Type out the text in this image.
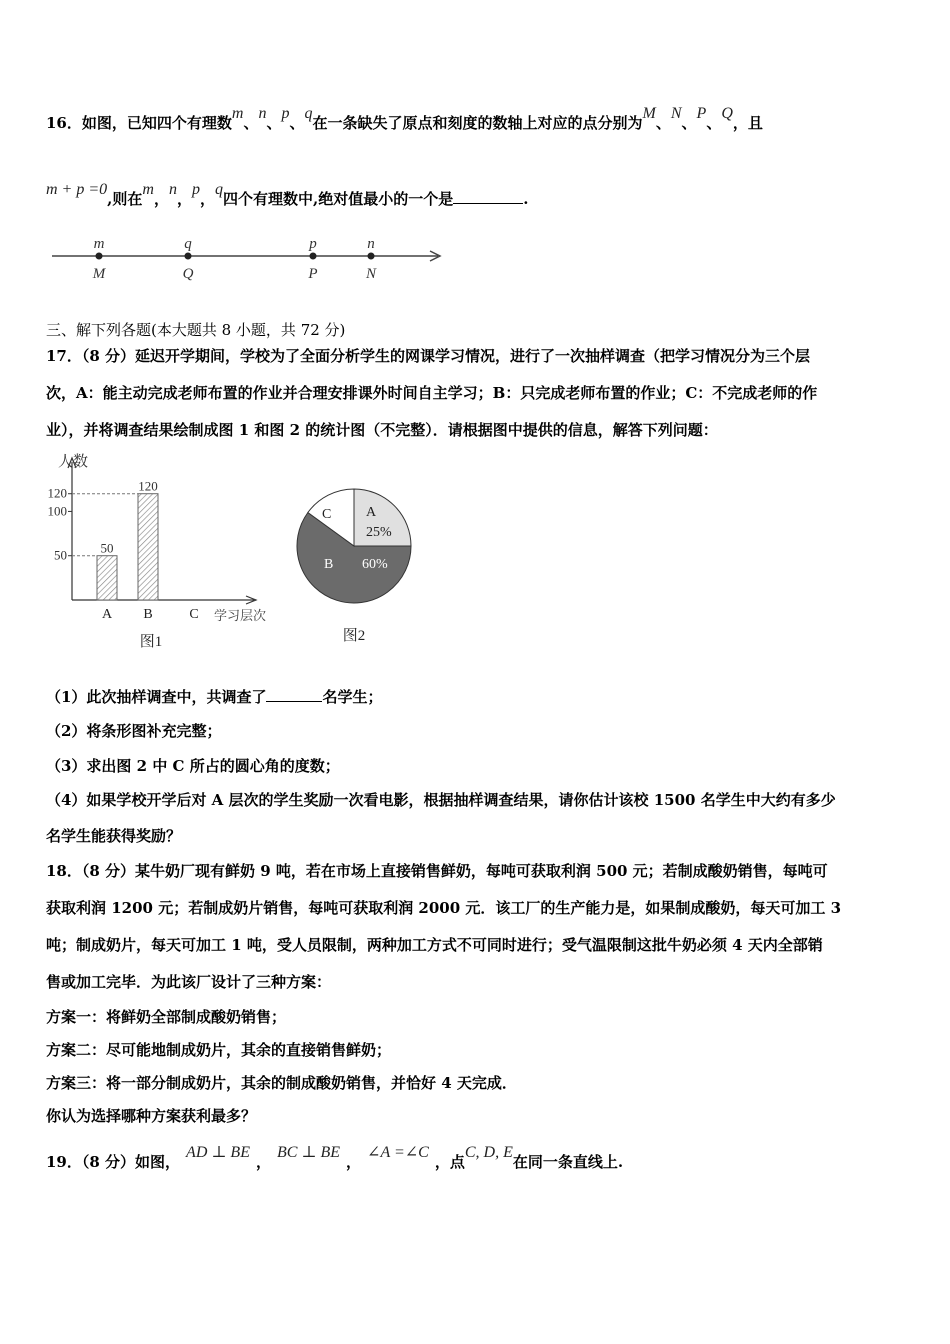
16．如图，已知四个有理数m、n、p、q在一条缺失了原点和刻度的数轴上对应的点分别为M、N、P、Q，且
m + p =0,则在m，n，p，q四个有理数中,绝对值最小的一个是	.
m
M
q
Q
p
P
n
N
三、解下列各题(本大题共 8 小题，共 72 分)
17．（8 分）延迟开学期间，学校为了全面分析学生的网课学习情况，进行了一次抽样调查（把学习情况分为三个层
次，A：能主动完成老师布置的作业并合理安排课外时间自主学习；B：只完成老师布置的作业；C：不完成老师的作
业），并将调查结果绘制成图 1 和图 2 的统计图（不完整）．请根据图中提供的信息，解答下列问题：
人数
学习层次
50
120
50
100
120
A B	C
图1
C A
25%
B 60%
图2
（1）此次抽样调查中，共调查了	名学生；
（2）将条形图补充完整；
（3）求出图 2 中 C 所占的圆心角的度数；
（4）如果学校开学后对 A 层次的学生奖励一次看电影，根据抽样调查结果，请你估计该校 1500 名学生中大约有多少
名学生能获得奖励？
18．（8 分）某牛奶厂现有鲜奶 9 吨，若在市场上直接销售鲜奶，每吨可获取利润 500 元；若制成酸奶销售，每吨可
获取利润 1200 元；若制成奶片销售，每吨可获取利润 2000 元．该工厂的生产能力是，如果制成酸奶，每天可加工 3
吨；制成奶片，每天可加工 1 吨，受人员限制，两种加工方式不可同时进行；受气温限制这批牛奶必须 4 天内全部销
售或加工完毕．为此该厂设计了三种方案：
方案一：将鲜奶全部制成酸奶销售；
方案二：尽可能地制成奶片，其余的直接销售鲜奶；
方案三：将一部分制成奶片，其余的制成酸奶销售，并恰好 4 天完成．
你认为选择哪种方案获利最多？
19．（8 分）如图，AD ⊥ BE，BC ⊥ BE，∠A =∠C，点C, D, E在同一条直线上.
